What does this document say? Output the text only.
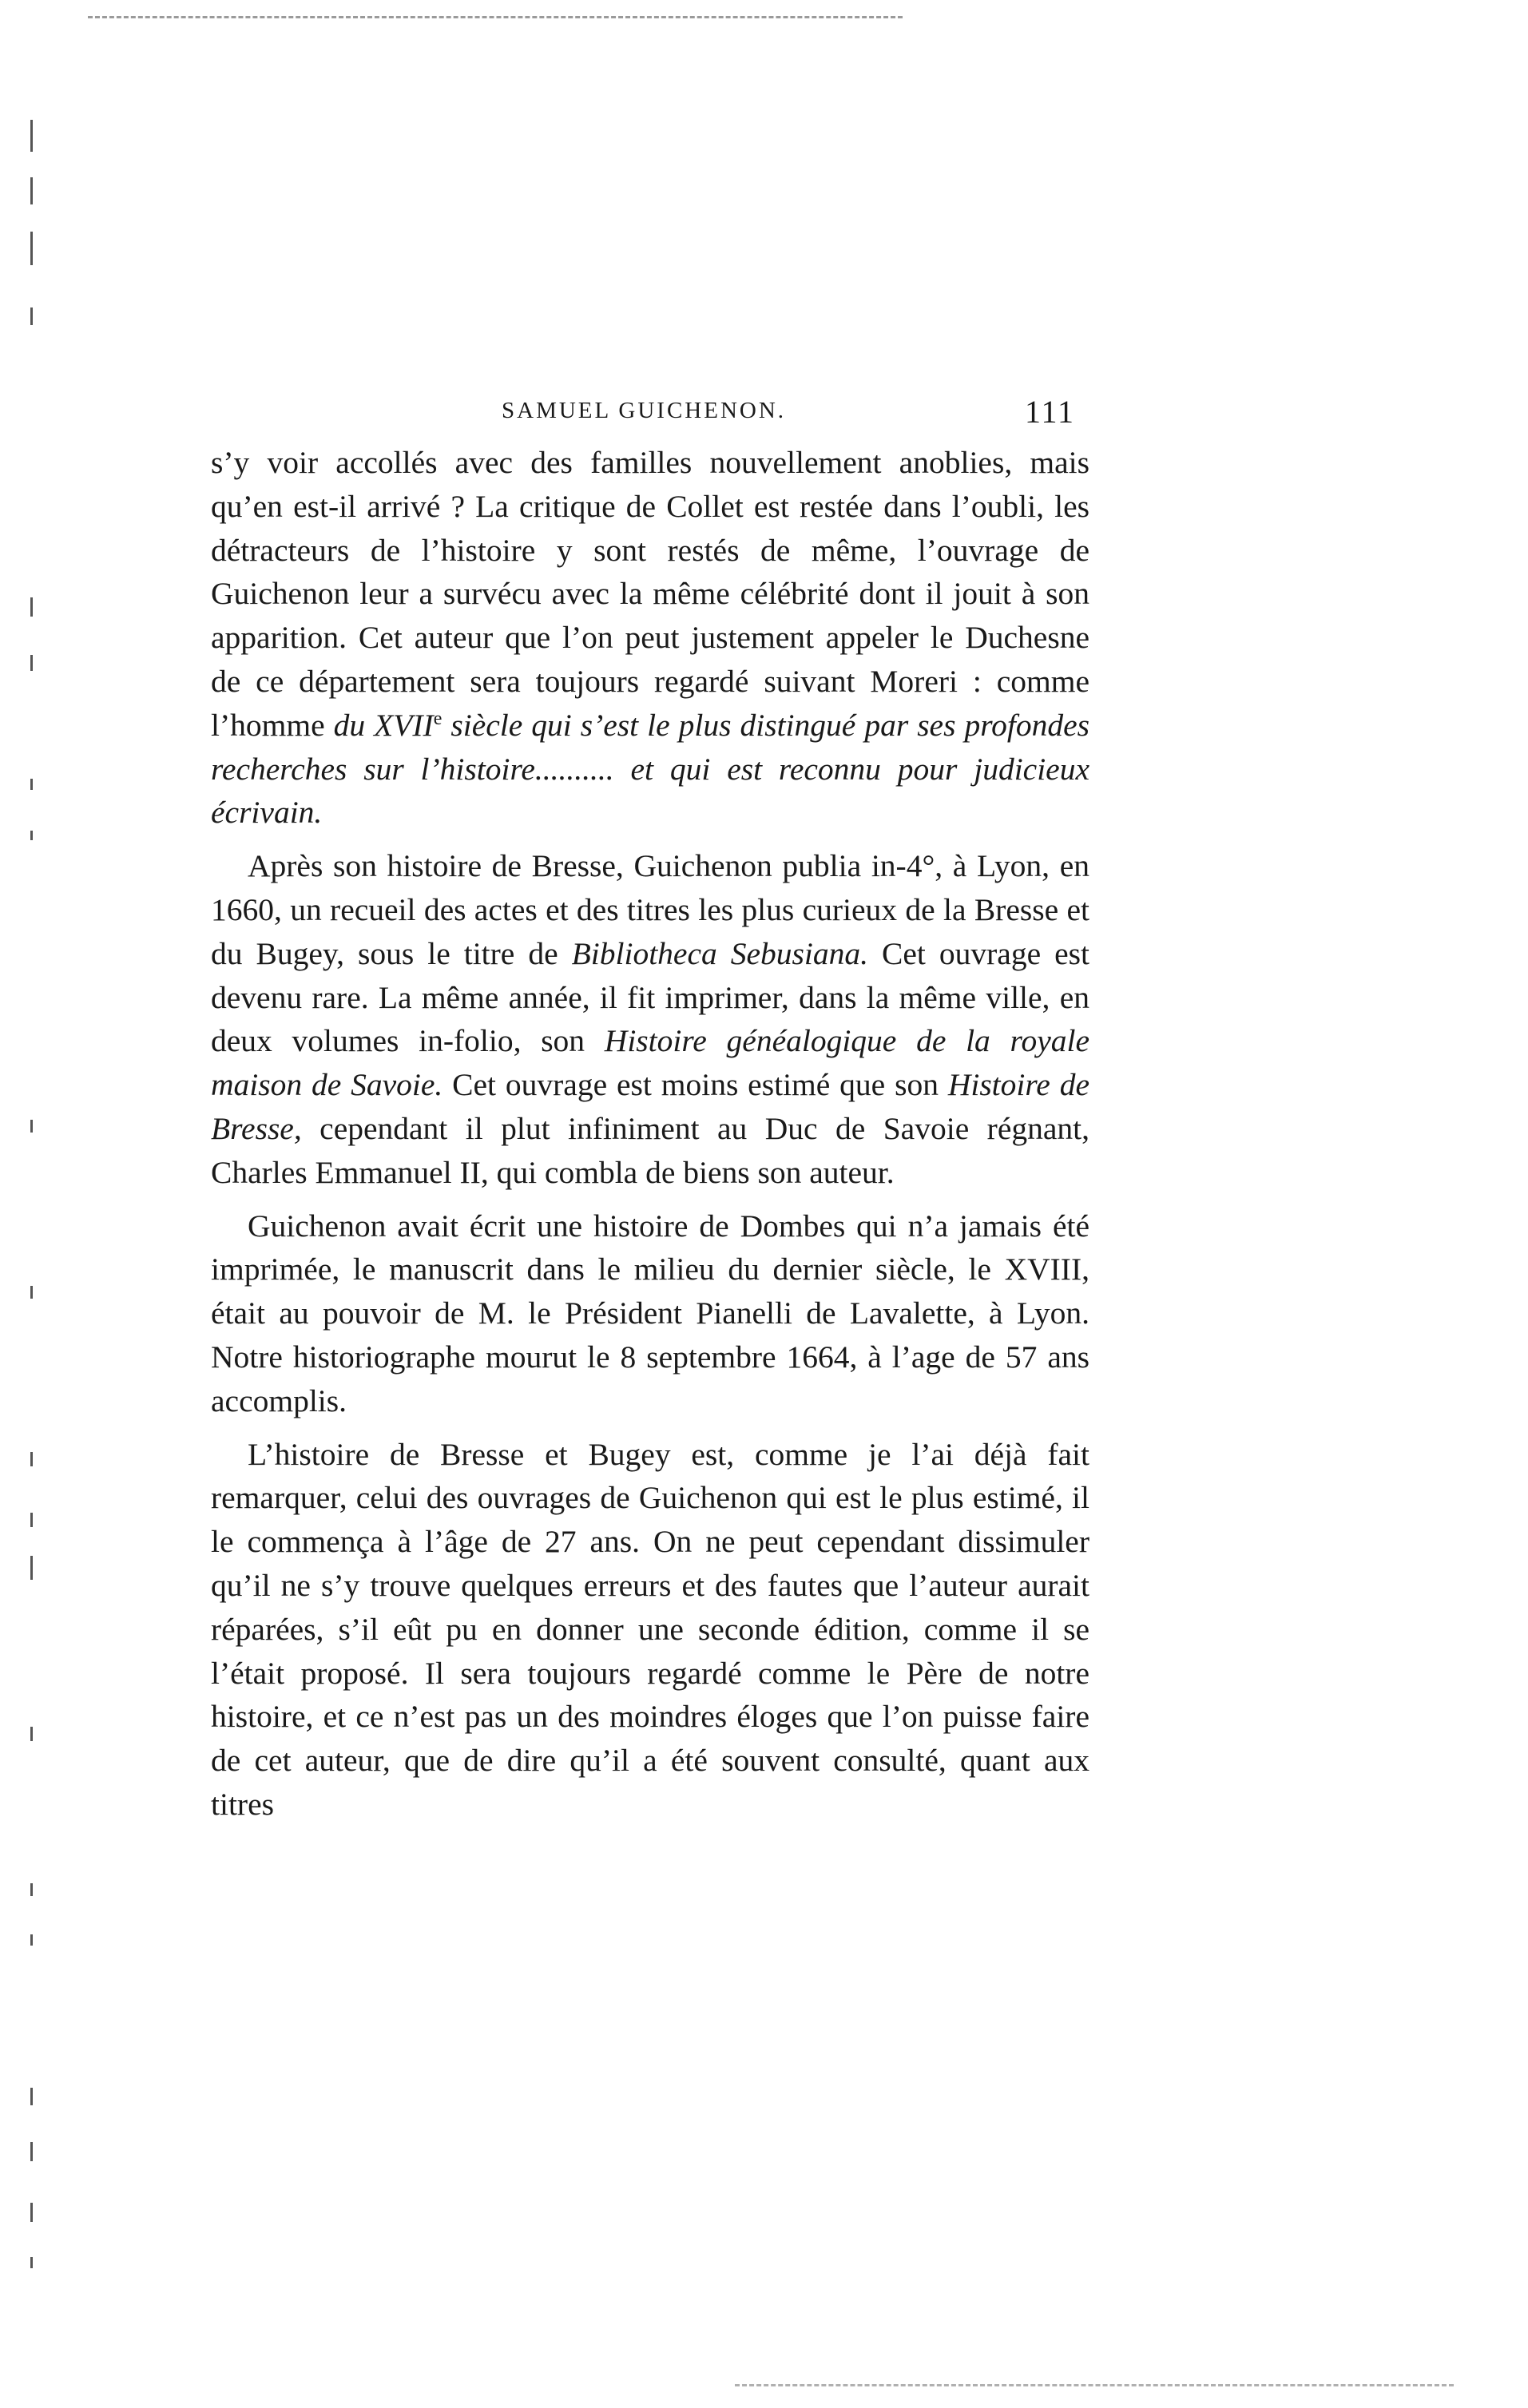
SAMUEL GUICHENON.	111

s’y voir accollés avec des familles nouvellement anoblies, mais qu’en est-il arrivé ? La critique de Collet est restée dans l’oubli, les détracteurs de l’histoire y sont restés de même, l’ouvrage de Guichenon leur a survécu avec la même célébrité dont il jouit à son apparition. Cet auteur que l’on peut justement appeler le Duchesne de ce département sera toujours regardé suivant Moreri : comme l’homme du XVIIe siècle qui s’est le plus distingué par ses profondes recherches sur l’histoire.......... et qui est reconnu pour judicieux écrivain.

Après son histoire de Bresse, Guichenon publia in-4°, à Lyon, en 1660, un recueil des actes et des titres les plus curieux de la Bresse et du Bugey, sous le titre de Bibliotheca Sebusiana. Cet ouvrage est devenu rare. La même année, il fit imprimer, dans la même ville, en deux volumes in-folio, son Histoire généalogique de la royale maison de Savoie. Cet ouvrage est moins estimé que son Histoire de Bresse, cependant il plut infiniment au Duc de Savoie régnant, Charles Emmanuel II, qui combla de biens son auteur.

Guichenon avait écrit une histoire de Dombes qui n’a jamais été imprimée, le manuscrit dans le milieu du dernier siècle, le XVIII, était au pouvoir de M. le Président Pianelli de Lavalette, à Lyon. Notre historiographe mourut le 8 septembre 1664, à l’age de 57 ans accomplis.

L’histoire de Bresse et Bugey est, comme je l’ai déjà fait remarquer, celui des ouvrages de Guichenon qui est le plus estimé, il le commença à l’âge de 27 ans. On ne peut cependant dissimuler qu’il ne s’y trouve quelques erreurs et des fautes que l’auteur aurait réparées, s’il eût pu en donner une seconde édition, comme il se l’était proposé. Il sera toujours regardé comme le Père de notre histoire, et ce n’est pas un des moindres éloges que l’on puisse faire de cet auteur, que de dire qu’il a été souvent consulté, quant aux titres
